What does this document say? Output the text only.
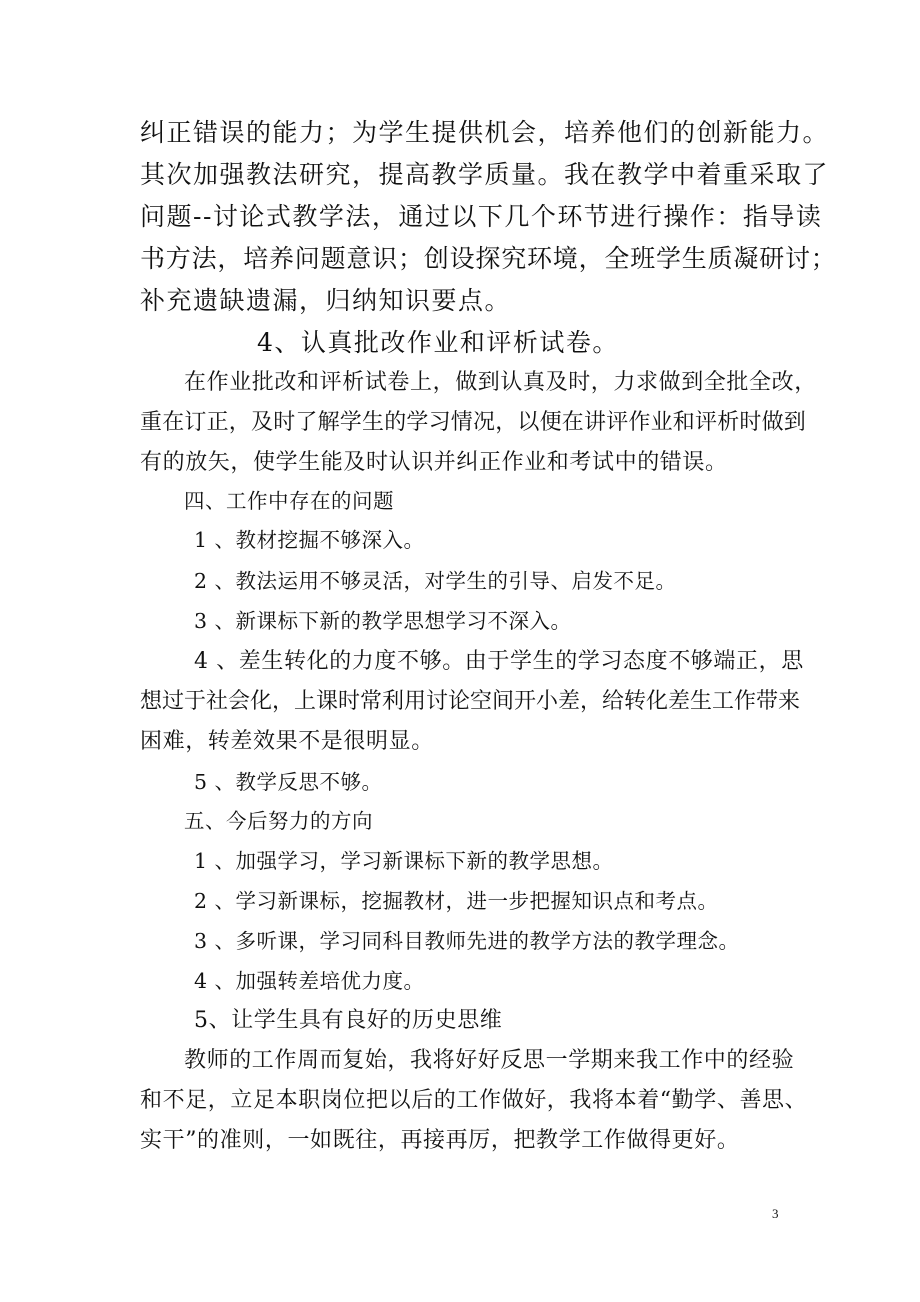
纠正错误的能力；为学生提供机会，培养他们的创新能力。
其次加强教法研究，提高教学质量。我在教学中着重采取了
问题--讨论式教学法，通过以下几个环节进行操作：指导读
书方法，培养问题意识；创设探究环境，全班学生质凝研讨；
补充遗缺遗漏，归纳知识要点。
4、认真批改作业和评析试卷。
在作业批改和评析试卷上，做到认真及时，力求做到全批全改，
重在订正，及时了解学生的学习情况，以便在讲评作业和评析时做到
有的放矢，使学生能及时认识并纠正作业和考试中的错误。
四、工作中存在的问题
1 、教材挖掘不够深入。
2 、教法运用不够灵活，对学生的引导、启发不足。
3 、新课标下新的教学思想学习不深入。
4 、差生转化的力度不够。由于学生的学习态度不够端正，思
想过于社会化，上课时常利用讨论空间开小差，给转化差生工作带来
困难，转差效果不是很明显。
5 、教学反思不够。
五、今后努力的方向
1 、加强学习，学习新课标下新的教学思想。
2 、学习新课标，挖掘教材，进一步把握知识点和考点。
3 、多听课，学习同科目教师先进的教学方法的教学理念。
4 、加强转差培优力度。
5、让学生具有良好的历史思维
教师的工作周而复始，我将好好反思一学期来我工作中的经验
和不足，立足本职岗位把以后的工作做好，我将本着“勤学、善思、
实干”的准则，一如既往，再接再厉，把教学工作做得更好。
3
